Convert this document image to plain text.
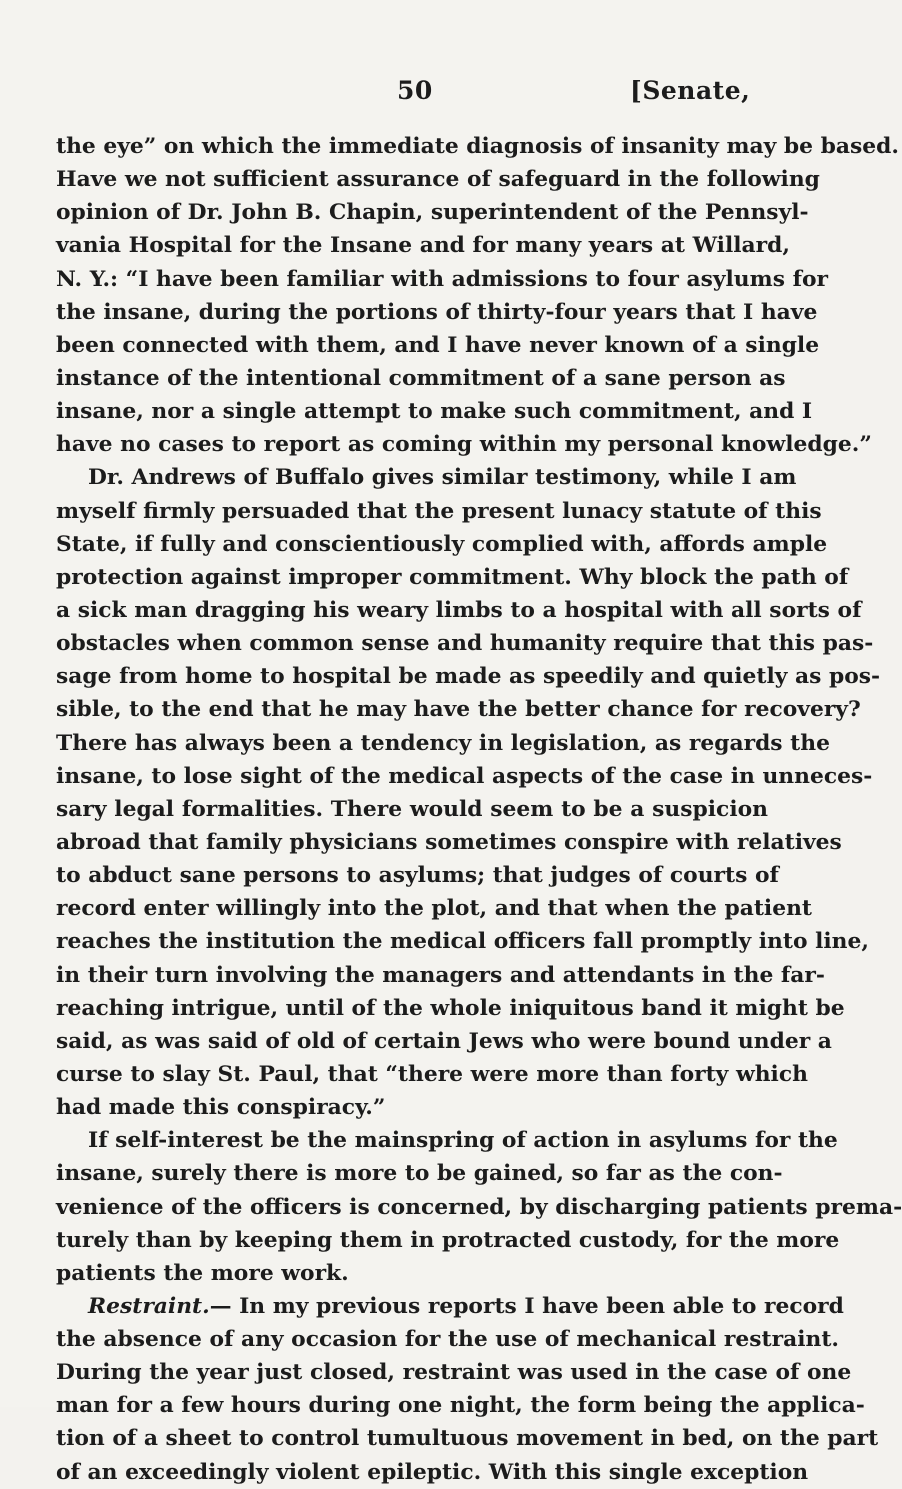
50	[Senate,
the eye” on which the immediate diagnosis of insanity may be based.
Have we not sufficient assurance of safeguard in the following
opinion of Dr. John B. Chapin, superintendent of the Pennsyl-
vania Hospital for the Insane and for many years at Willard,
N. Y.: “I have been familiar with admissions to four asylums for
the insane, during the portions of thirty-four years that I have
been connected with them, and I have never known of a single
instance of the intentional commitment of a sane person as
insane, nor a single attempt to make such commitment, and I
have no cases to report as coming within my personal knowledge.”
Dr. Andrews of Buffalo gives similar testimony, while I am
myself firmly persuaded that the present lunacy statute of this
State, if fully and conscientiously complied with, affords ample
protection against improper commitment. Why block the path of
a sick man dragging his weary limbs to a hospital with all sorts of
obstacles when common sense and humanity require that this pas-
sage from home to hospital be made as speedily and quietly as pos-
sible, to the end that he may have the better chance for recovery?
There has always been a tendency in legislation, as regards the
insane, to lose sight of the medical aspects of the case in unneces-
sary legal formalities. There would seem to be a suspicion
abroad that family physicians sometimes conspire with relatives
to abduct sane persons to asylums; that judges of courts of
record enter willingly into the plot, and that when the patient
reaches the institution the medical officers fall promptly into line,
in their turn involving the managers and attendants in the far-
reaching intrigue, until of the whole iniquitous band it might be
said, as was said of old of certain Jews who were bound under a
curse to slay St. Paul, that “there were more than forty which
had made this conspiracy.”
If self-interest be the mainspring of action in asylums for the
insane, surely there is more to be gained, so far as the con-
venience of the officers is concerned, by discharging patients prema-
turely than by keeping them in protracted custody, for the more
patients the more work.
Restraint.— In my previous reports I have been able to record
the absence of any occasion for the use of mechanical restraint.
During the year just closed, restraint was used in the case of one
man for a few hours during one night, the form being the applica-
tion of a sheet to control tumultuous movement in bed, on the part
of an exceedingly violent epileptic. With this single exception
